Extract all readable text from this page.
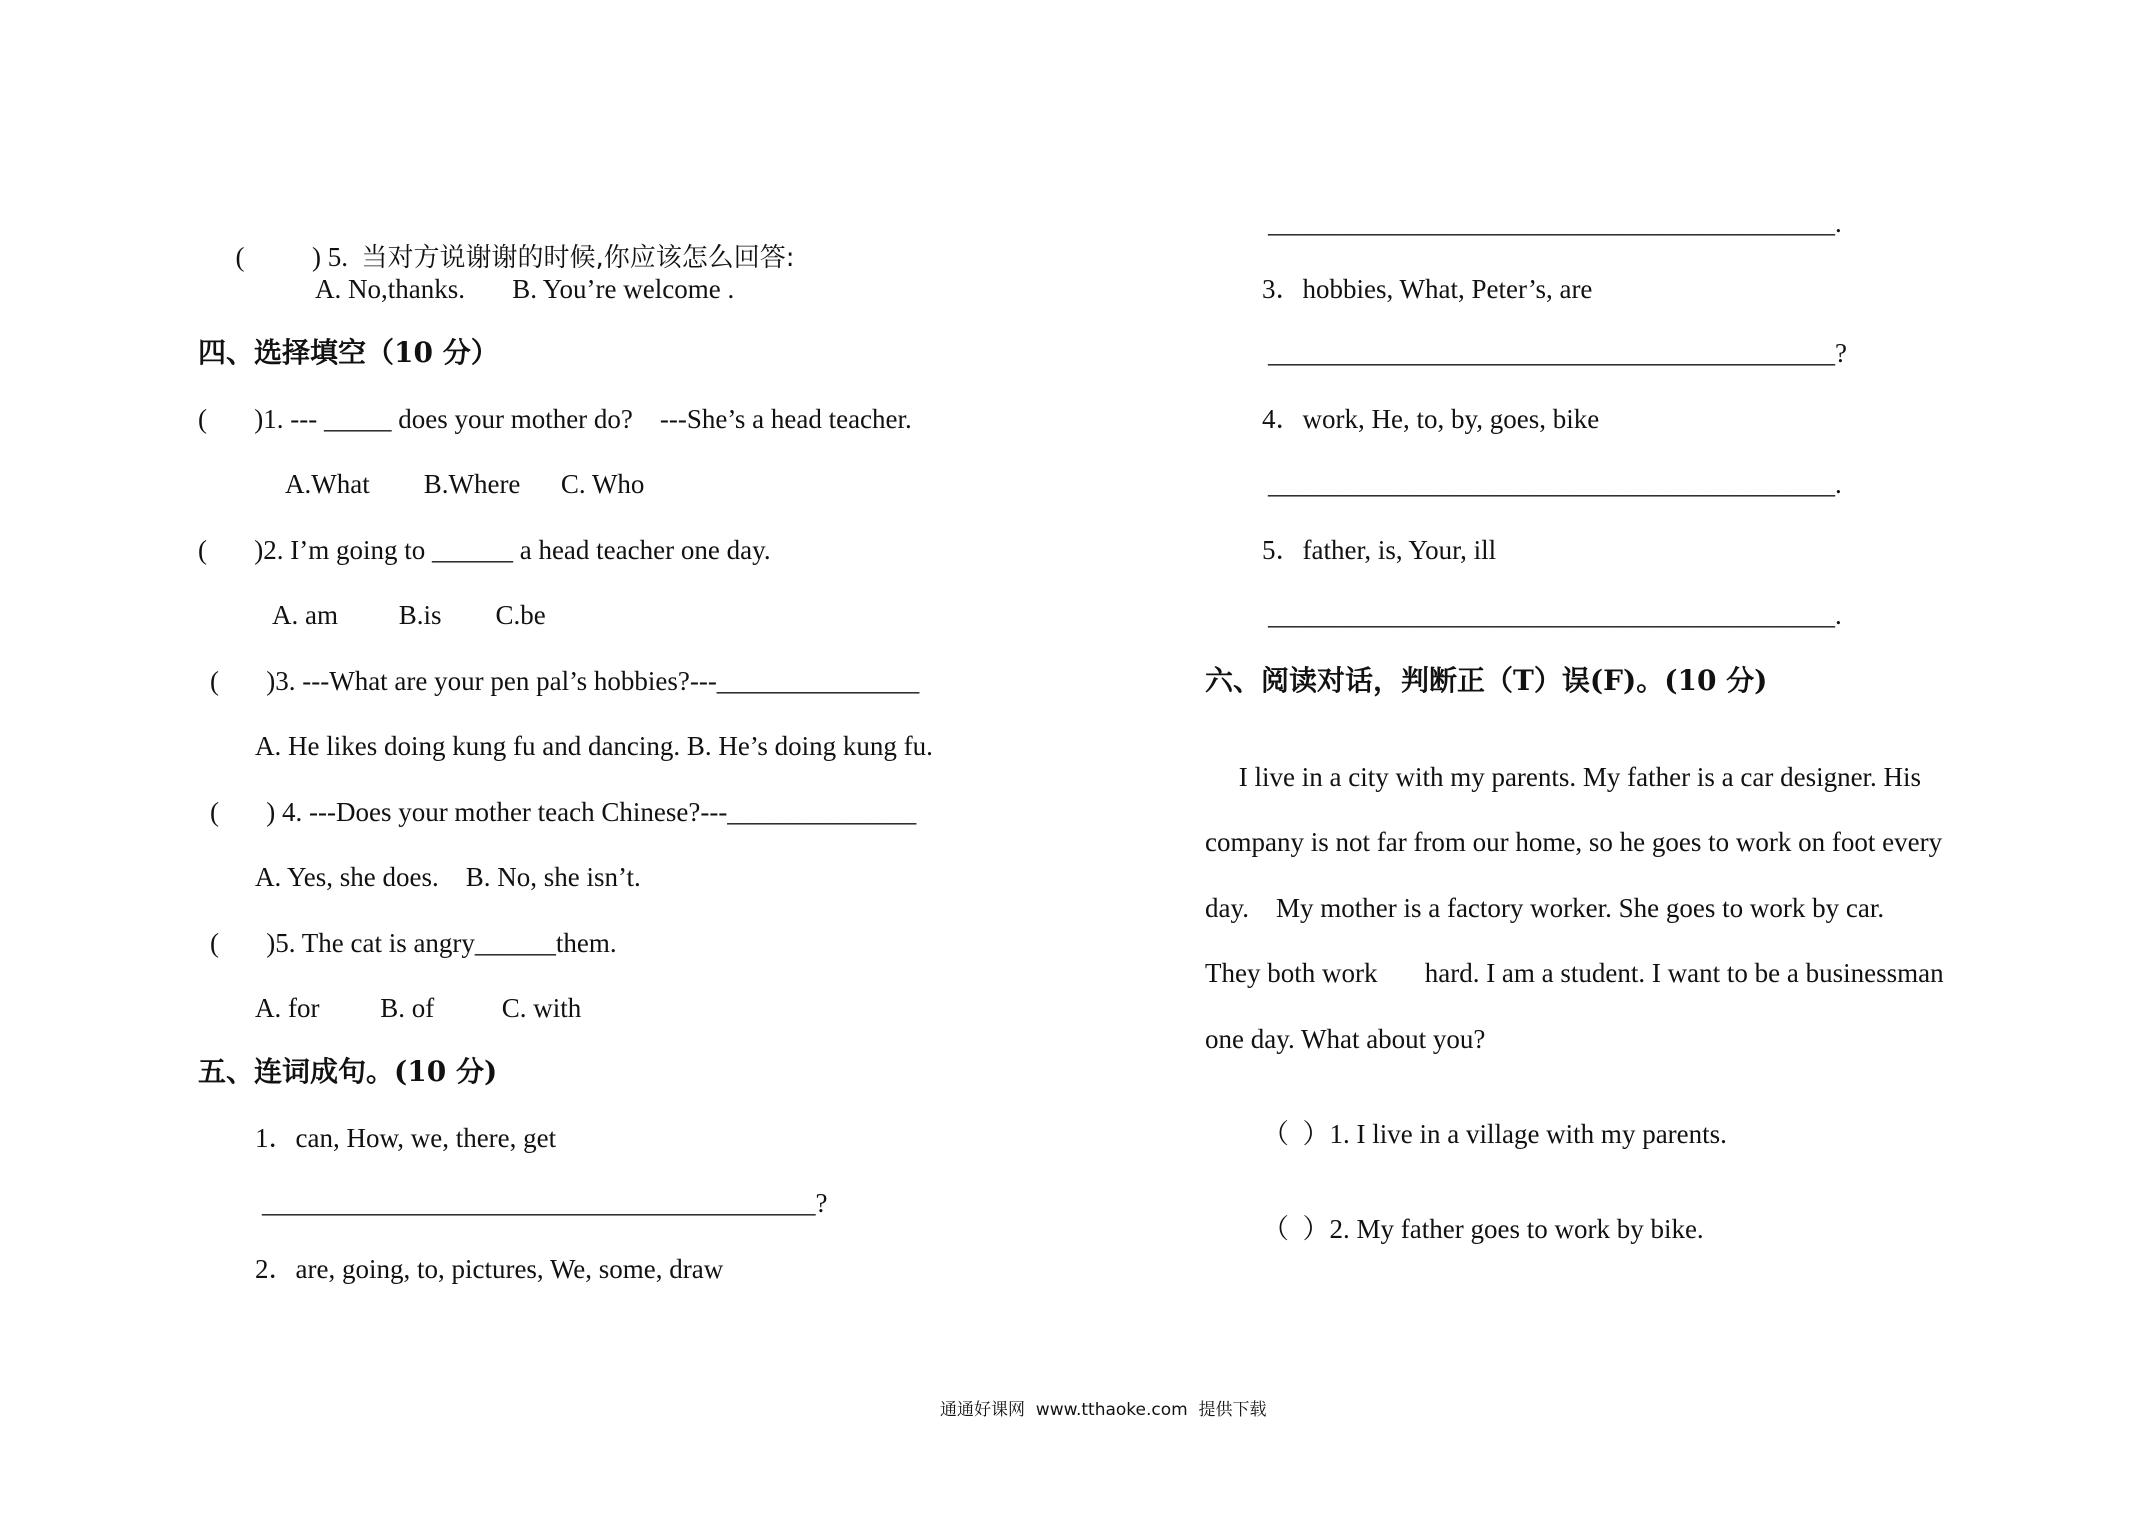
(          ) 5.  当对方说谢谢的时候,你应该怎么回答:

A. No,thanks.       B. You’re welcome .
四、选择填空（10 分）
(       )1. --- _____ does your mother do?    ---She’s a head teacher.
A.What        B.Where      C. Who
(       )2. I’m going to ______ a head teacher one day.
A. am         B.is        C.be
(       )3. ---What are your pen pal’s hobbies?---_______________
A. He likes doing kung fu and dancing. B. He’s doing kung fu.
(       ) 4. ---Does your mother teach Chinese?---______________
A. Yes, she does.    B. No, she isn’t.
(       )5. The cat is angry______them.
A. for         B. of          C. with
五、连词成句。(10 分)
1．can, How, we, there, get
_________________________________________?
2．are, going, to, pictures, We, some, draw
__________________________________________.
3．hobbies, What, Peter’s, are
__________________________________________?
4．work, He, to, by, goes, bike
__________________________________________.
5．father, is, Your, ill
__________________________________________.
六、阅读对话，判断正（T）误(F)。(10 分)
I live in a city with my parents. My father is a car designer. His
company is not far from our home, so he goes to work on foot every
day.    My mother is a factory worker. She goes to work by car.
They both work       hard. I am a student. I want to be a businessman
one day. What about you?
（  ）1. I live in a village with my parents.
（  ）2. My father goes to work by bike.
通通好课网  www.tthaoke.com  提供下载
